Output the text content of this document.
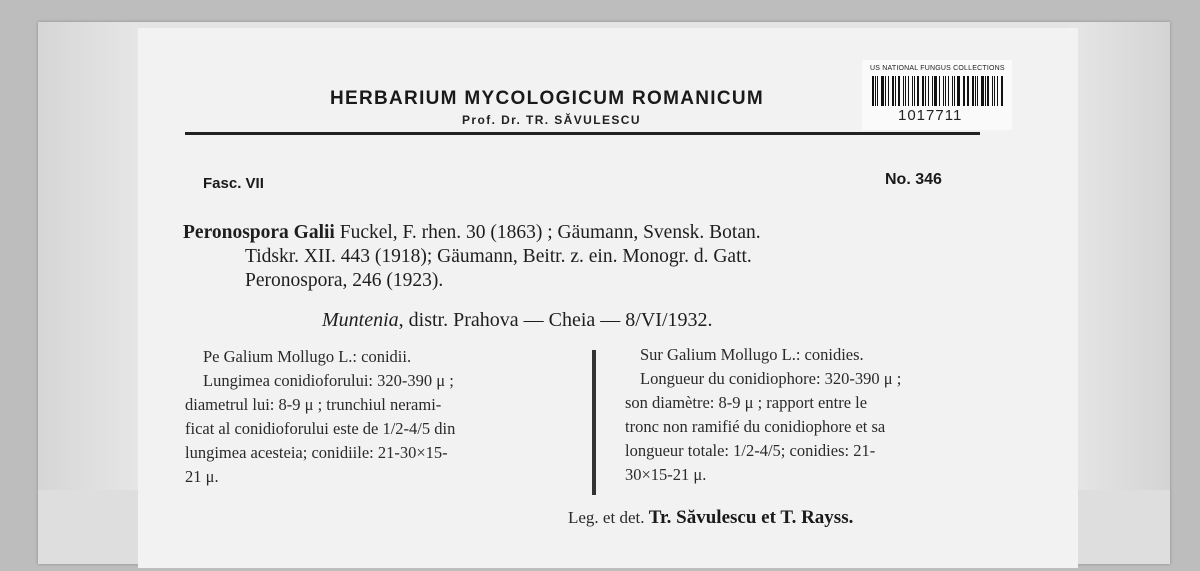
HERBARIUM MYCOLOGICUM ROMANICUM
Prof. Dr. TR. SĂVULESCU
US NATIONAL FUNGUS COLLECTIONS
1017711
Fasc. VII	No. 346
Peronospora Galii Fuckel, F. rhen. 30 (1863) ; Gäumann, Svensk. Botan.
Tidskr. XII. 443 (1918); Gäumann, Beitr. z. ein. Monogr. d. Gatt.
Peronospora, 246 (1923).
Muntenia, distr. Prahova — Cheia — 8/VI/1932.
Pe Galium Mollugo L.: conidii.
Lungimea conidioforului: 320-390 μ ;
diametrul lui: 8-9 μ ; trunchiul nerami-
ficat al conidioforului este de 1/2-4/5 din
lungimea acesteia; conidiile: 21-30×15-
21 μ.
Sur Galium Mollugo L.: conidies.
Longueur du conidiophore: 320-390 μ ;
son diamètre: 8-9 μ ; rapport entre le
tronc non ramifié du conidiophore et sa
longueur totale: 1/2-4/5; conidies: 21-
30×15-21 μ.
Leg. et det. Tr. Săvulescu et T. Rayss.
